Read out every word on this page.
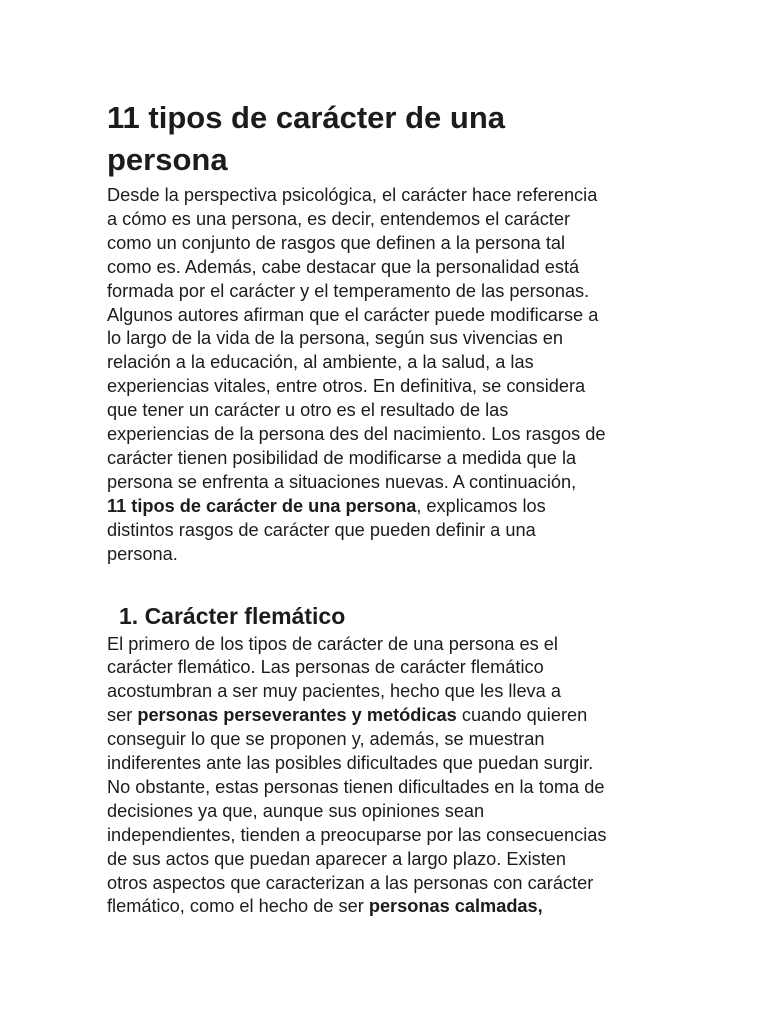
11 tipos de carácter de una
persona
Desde la perspectiva psicológica, el carácter hace referencia
a cómo es una persona, es decir, entendemos el carácter
como un conjunto de rasgos que definen a la persona tal
como es. Además, cabe destacar que la personalidad está
formada por el carácter y el temperamento de las personas.
Algunos autores afirman que el carácter puede modificarse a
lo largo de la vida de la persona, según sus vivencias en
relación a la educación, al ambiente, a la salud, a las
experiencias vitales, entre otros. En definitiva, se considera
que tener un carácter u otro es el resultado de las
experiencias de la persona des del nacimiento. Los rasgos de
carácter tienen posibilidad de modificarse a medida que la
persona se enfrenta a situaciones nuevas. A continuación,
11 tipos de carácter de una persona, explicamos los
distintos rasgos de carácter que pueden definir a una
persona.
1. Carácter flemático
El primero de los tipos de carácter de una persona es el
carácter flemático. Las personas de carácter flemático
acostumbran a ser muy pacientes, hecho que les lleva a
ser personas perseverantes y metódicas cuando quieren
conseguir lo que se proponen y, además, se muestran
indiferentes ante las posibles dificultades que puedan surgir.
No obstante, estas personas tienen dificultades en la toma de
decisiones ya que, aunque sus opiniones sean
independientes, tienden a preocuparse por las consecuencias
de sus actos que puedan aparecer a largo plazo. Existen
otros aspectos que caracterizan a las personas con carácter
flemático, como el hecho de ser personas calmadas,
